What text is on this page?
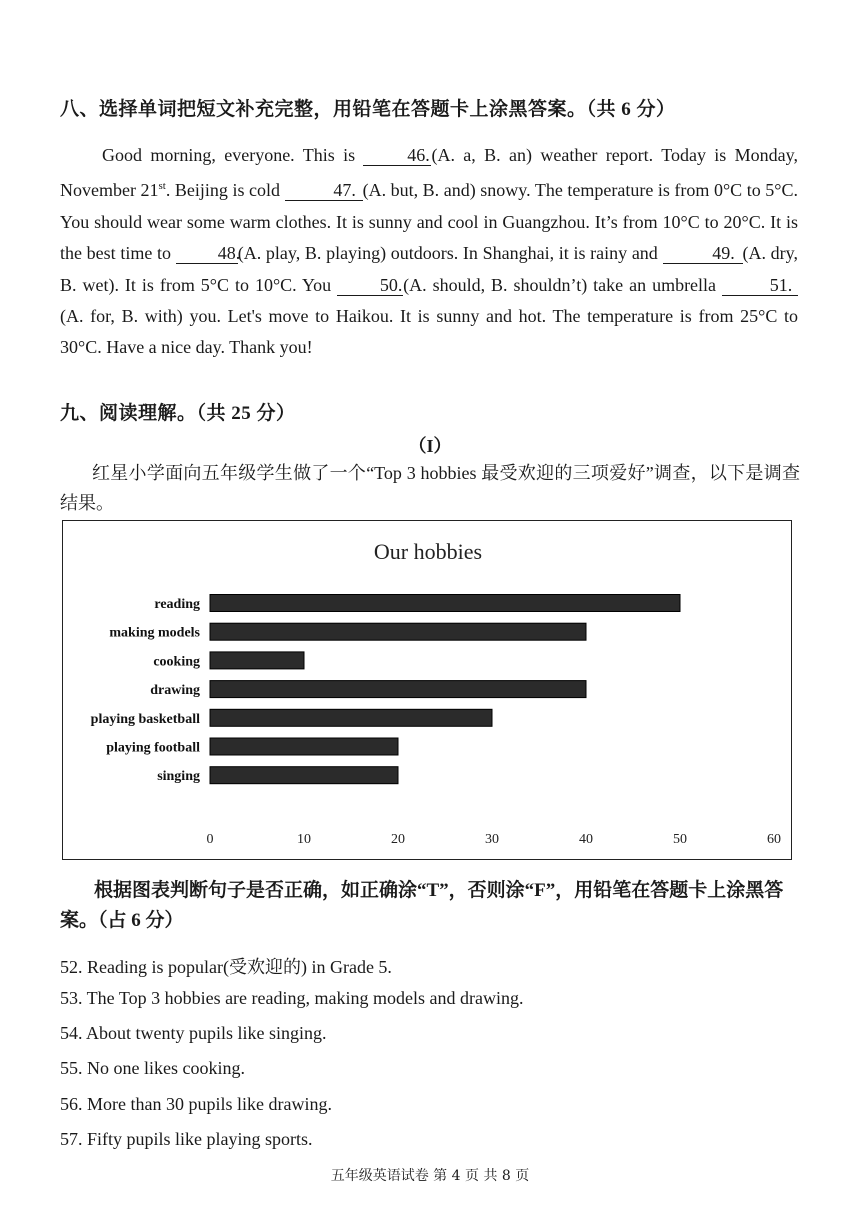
八、选择单词把短文补充完整，用铅笔在答题卡上涂黑答案。（共 6 分）
Good morning, everyone. This is 46.(A. a, B. an) weather report. Today is Monday, November 21st. Beijing is cold	47. (A. but, B. and) snowy. The temperature is from 0°C to 5°C. You should wear some warm clothes. It is sunny and cool in Guangzhou. It’s from 10°C to 20°C. It is the best time to 48.(A. play, B. playing) outdoors. In Shanghai, it is rainy and	49. (A. dry, B. wet). It is from 5°C to 10°C. You 50.(A. should, B. shouldn’t) take an umbrella	51.(A. for, B. with) you. Let's move to Haikou. It is sunny and hot. The temperature is from 25°C to 30°C. Have a nice day. Thank you!
九、阅读理解。（共 25 分）
（I）
红星小学面向五年级学生做了一个“Top 3 hobbies 最受欢迎的三项爱好”调查，以下是调查结果。
Our hobbies
reading
making models
cooking
drawing
playing basketball
playing football
singing
0	10	20	30	40	50	60
根据图表判断句子是否正确，如正确涂“T”，否则涂“F”，用铅笔在答题卡上涂黑答案。（占 6 分）
52. Reading is popular(受欢迎的) in Grade 5.
53. The Top 3 hobbies are reading, making models and drawing.
54. About twenty pupils like singing.
55. No one likes cooking.
56. More than 30 pupils like drawing.
57. Fifty pupils like playing sports.
五年级英语试卷 第 4 页 共 8 页
